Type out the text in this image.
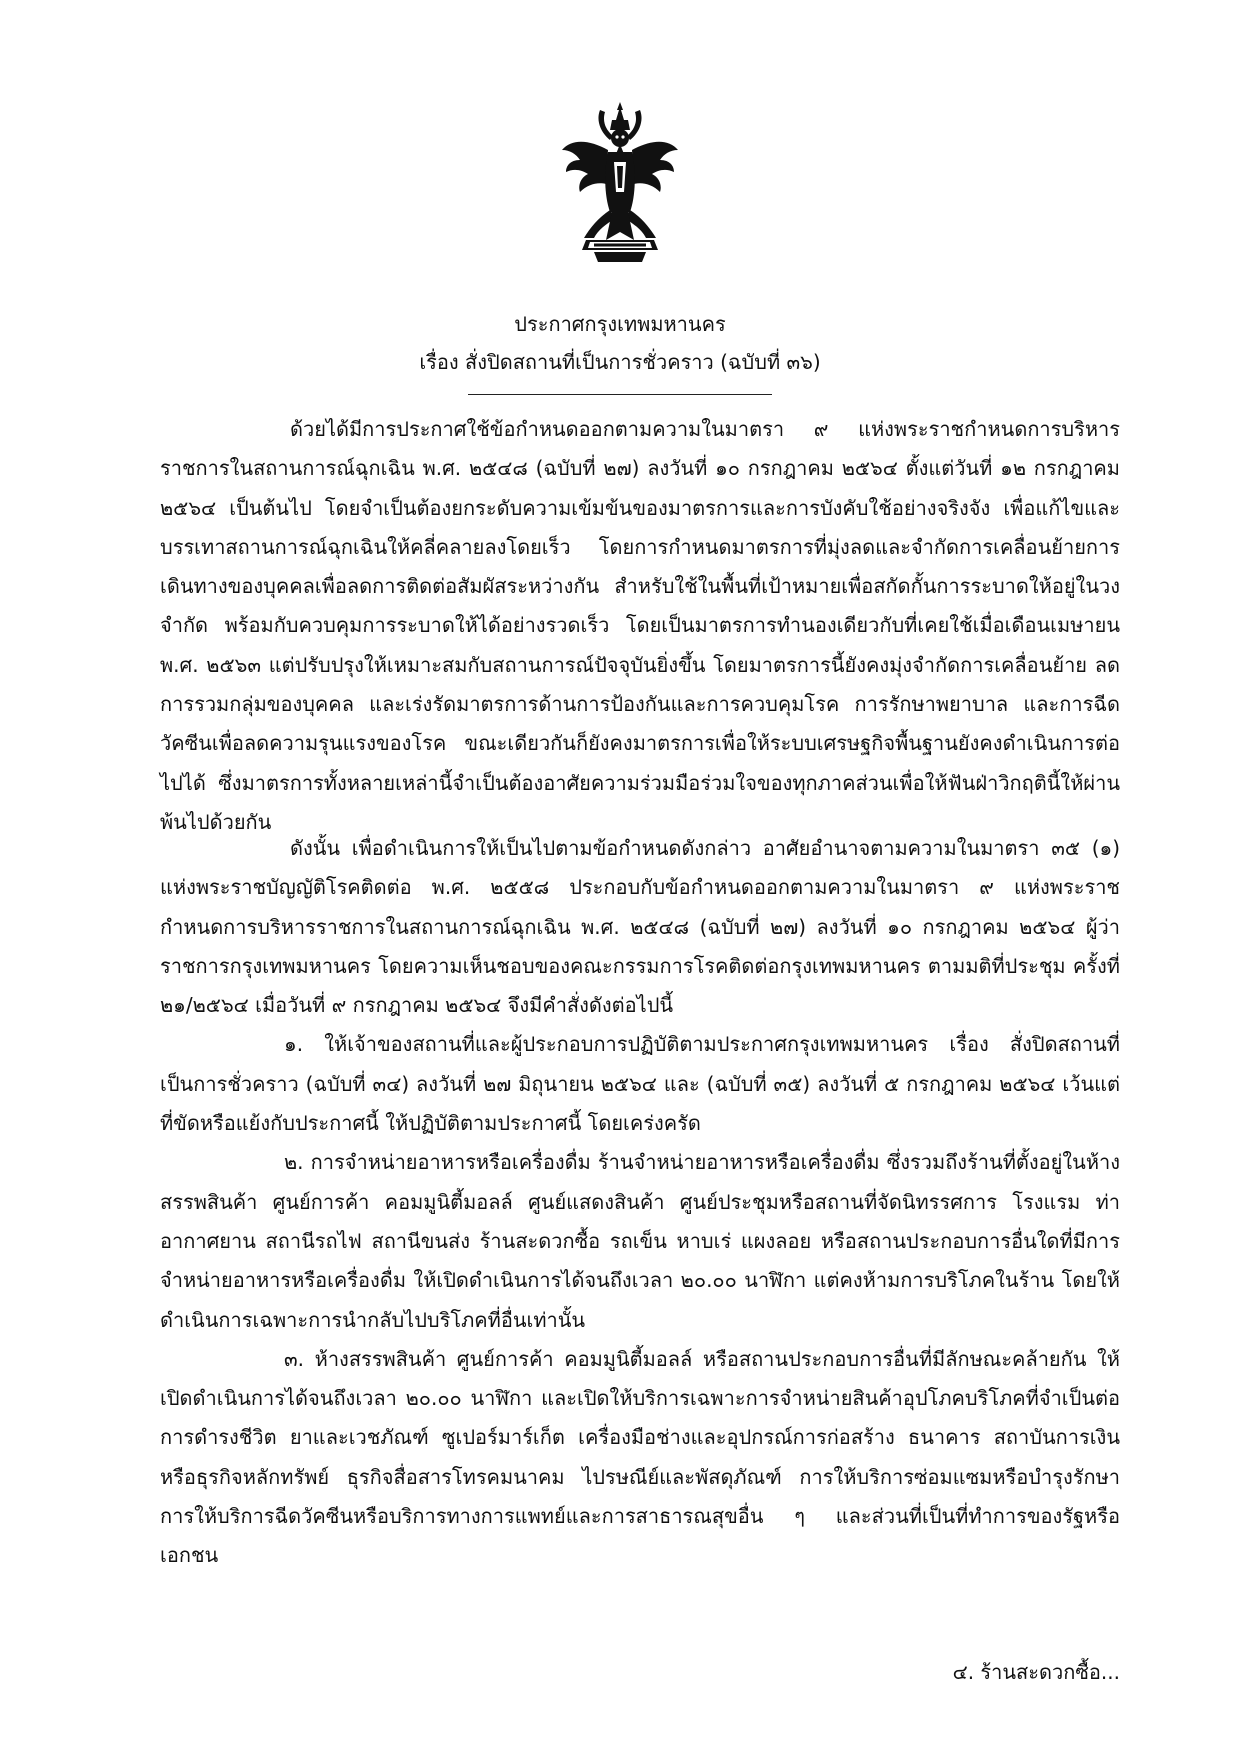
ประกาศกรุงเทพมหานคร
เรื่อง สั่งปิดสถานที่เป็นการชั่วคราว (ฉบับที่ ๓๖)

ด้วยได้มีการประกาศใช้ข้อกำหนดออกตามความในมาตรา ๙ แห่งพระราชกำหนดการบริหารราชการในสถานการณ์ฉุกเฉิน พ.ศ. ๒๕๔๘ (ฉบับที่ ๒๗) ลงวันที่ ๑๐ กรกฎาคม ๒๕๖๔ ตั้งแต่วันที่ ๑๒ กรกฎาคม ๒๕๖๔ เป็นต้นไป โดยจำเป็นต้องยกระดับความเข้มข้นของมาตรการและการบังคับใช้อย่างจริงจัง เพื่อแก้ไขและบรรเทาสถานการณ์ฉุกเฉินให้คลี่คลายลงโดยเร็ว โดยการกำหนดมาตรการที่มุ่งลดและจำกัดการเคลื่อนย้ายการเดินทางของบุคคลเพื่อลดการติดต่อสัมผัสระหว่างกัน สำหรับใช้ในพื้นที่เป้าหมายเพื่อสกัดกั้นการระบาดให้อยู่ในวงจำกัด พร้อมกับควบคุมการระบาดให้ได้อย่างรวดเร็ว โดยเป็นมาตรการทำนองเดียวกับที่เคยใช้เมื่อเดือนเมษายน พ.ศ. ๒๕๖๓ แต่ปรับปรุงให้เหมาะสมกับสถานการณ์ปัจจุบันยิ่งขึ้น โดยมาตรการนี้ยังคงมุ่งจำกัดการเคลื่อนย้าย ลดการรวมกลุ่มของบุคคล และเร่งรัดมาตรการด้านการป้องกันและการควบคุมโรค การรักษาพยาบาล และการฉีดวัคซีนเพื่อลดความรุนแรงของโรค ขณะเดียวกันก็ยังคงมาตรการเพื่อให้ระบบเศรษฐกิจพื้นฐานยังคงดำเนินการต่อไปได้ ซึ่งมาตรการทั้งหลายเหล่านี้จำเป็นต้องอาศัยความร่วมมือร่วมใจของทุกภาคส่วนเพื่อให้ฟันฝ่าวิกฤตินี้ให้ผ่านพ้นไปด้วยกัน

ดังนั้น เพื่อดำเนินการให้เป็นไปตามข้อกำหนดดังกล่าว อาศัยอำนาจตามความในมาตรา ๓๕ (๑) แห่งพระราชบัญญัติโรคติดต่อ พ.ศ. ๒๕๕๘ ประกอบกับข้อกำหนดออกตามความในมาตรา ๙ แห่งพระราชกำหนดการบริหารราชการในสถานการณ์ฉุกเฉิน พ.ศ. ๒๕๔๘ (ฉบับที่ ๒๗) ลงวันที่ ๑๐ กรกฎาคม ๒๕๖๔ ผู้ว่าราชการกรุงเทพมหานคร โดยความเห็นชอบของคณะกรรมการโรคติดต่อกรุงเทพมหานคร ตามมติที่ประชุม ครั้งที่ ๒๑/๒๕๖๔ เมื่อวันที่ ๙ กรกฎาคม ๒๕๖๔ จึงมีคำสั่งดังต่อไปนี้

๑. ให้เจ้าของสถานที่และผู้ประกอบการปฏิบัติตามประกาศกรุงเทพมหานคร เรื่อง สั่งปิดสถานที่เป็นการชั่วคราว (ฉบับที่ ๓๔) ลงวันที่ ๒๗ มิถุนายน ๒๕๖๔ และ (ฉบับที่ ๓๕) ลงวันที่ ๕ กรกฎาคม ๒๕๖๔ เว้นแต่ที่ขัดหรือแย้งกับประกาศนี้ ให้ปฏิบัติตามประกาศนี้ โดยเคร่งครัด

๒. การจำหน่ายอาหารหรือเครื่องดื่ม ร้านจำหน่ายอาหารหรือเครื่องดื่ม ซึ่งรวมถึงร้านที่ตั้งอยู่ในห้างสรรพสินค้า ศูนย์การค้า คอมมูนิตี้มอลล์ ศูนย์แสดงสินค้า ศูนย์ประชุมหรือสถานที่จัดนิทรรศการ โรงแรม ท่าอากาศยาน สถานีรถไฟ สถานีขนส่ง ร้านสะดวกซื้อ รถเข็น หาบเร่ แผงลอย หรือสถานประกอบการอื่นใดที่มีการจำหน่ายอาหารหรือเครื่องดื่ม ให้เปิดดำเนินการได้จนถึงเวลา ๒๐.๐๐ นาฬิกา แต่คงห้ามการบริโภคในร้าน โดยให้ดำเนินการเฉพาะการนำกลับไปบริโภคที่อื่นเท่านั้น

๓. ห้างสรรพสินค้า ศูนย์การค้า คอมมูนิตี้มอลล์ หรือสถานประกอบการอื่นที่มีลักษณะคล้ายกัน ให้เปิดดำเนินการได้จนถึงเวลา ๒๐.๐๐ นาฬิกา และเปิดให้บริการเฉพาะการจำหน่ายสินค้าอุปโภคบริโภคที่จำเป็นต่อการดำรงชีวิต ยาและเวชภัณฑ์ ซูเปอร์มาร์เก็ต เครื่องมือช่างและอุปกรณ์การก่อสร้าง ธนาคาร สถาบันการเงินหรือธุรกิจหลักทรัพย์ ธุรกิจสื่อสารโทรคมนาคม ไปรษณีย์และพัสดุภัณฑ์ การให้บริการซ่อมแซมหรือบำรุงรักษา การให้บริการฉีดวัคซีนหรือบริการทางการแพทย์และการสาธารณสุขอื่น ๆ และส่วนที่เป็นที่ทำการของรัฐหรือเอกชน

๔. ร้านสะดวกซื้อ...
